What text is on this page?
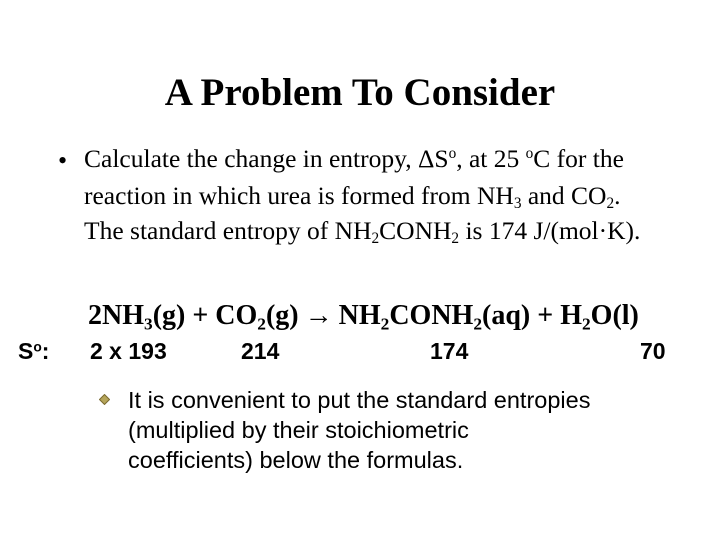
A Problem To Consider
• Calculate the change in entropy, $\Delta S^o$, at 25 $^o$C for the
reaction in which urea is formed from $NH_3$ and $CO_2$.
The standard entropy of $NH_2CONH_2$ is 174 J/(mol·K).
$2NH_3(g) + CO_2(g)$ → $NH_2CONH_2(aq) + H_2O(l)$
$S^o$: 2 x 193	214	174	70
It is convenient to put the standard entropies (multiplied by their stoichiometric coefficients) below the formulas.
